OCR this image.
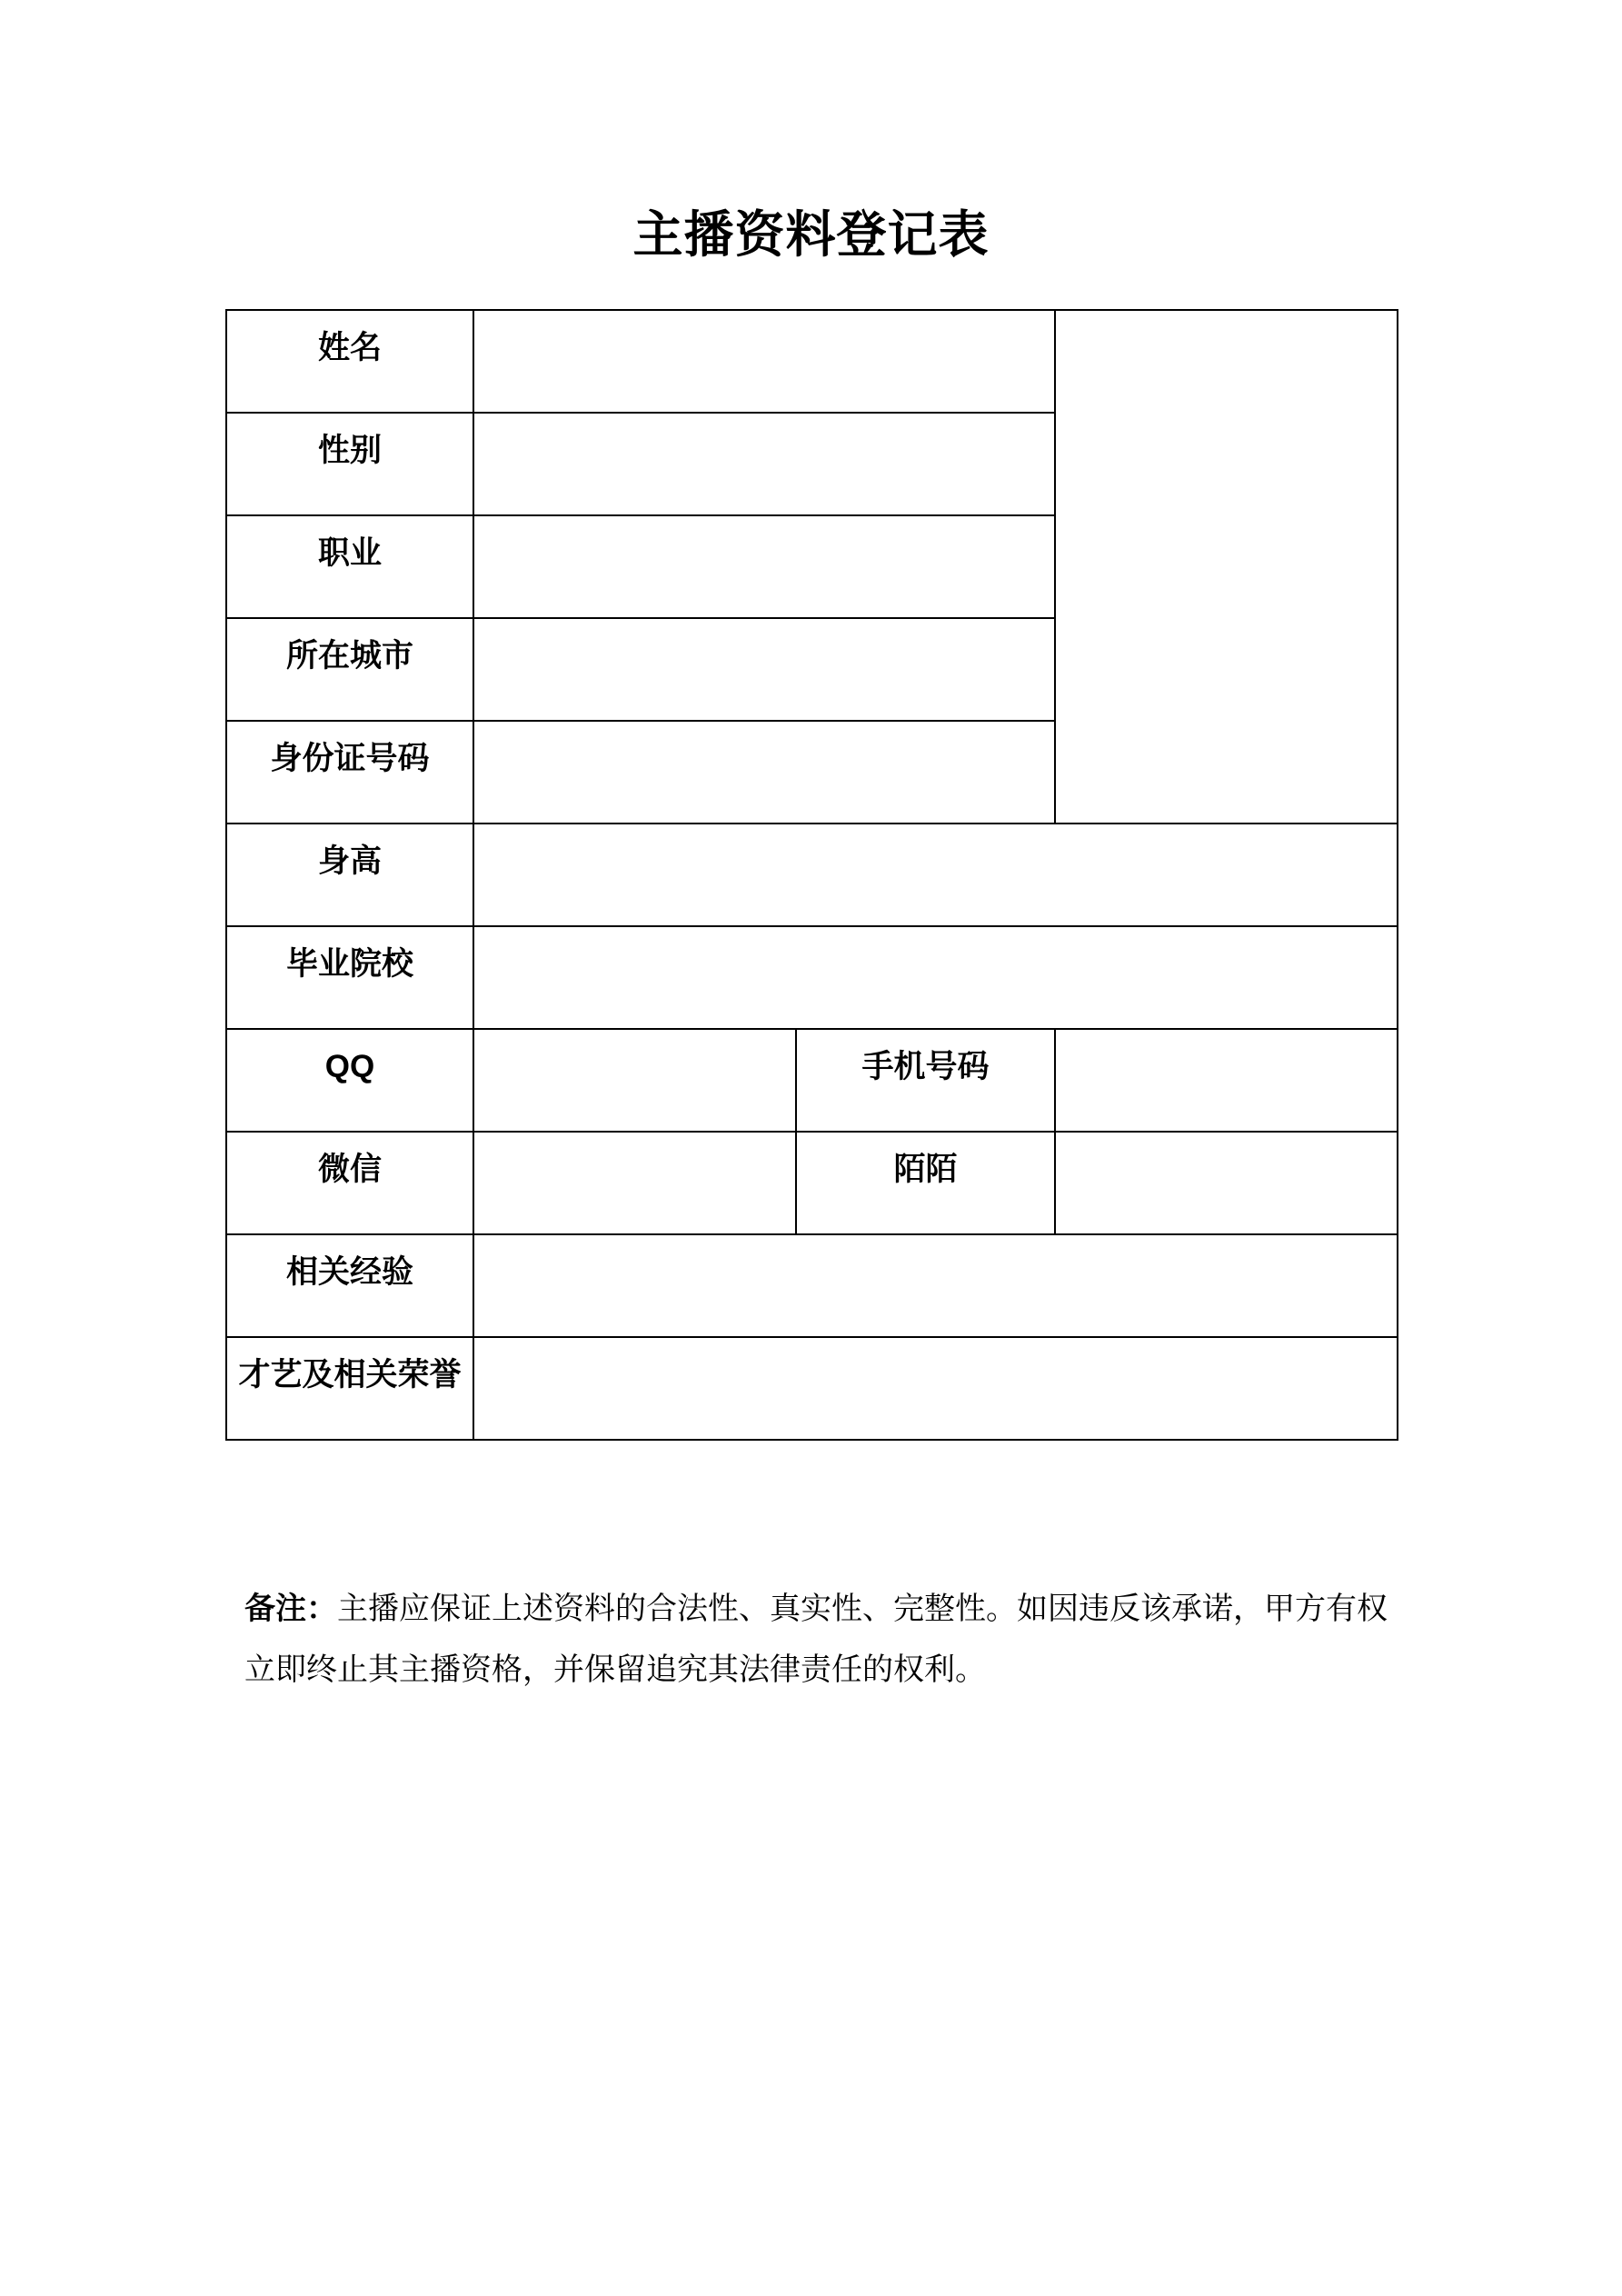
主播资料登记表
姓名			
性别			
职业			
所在城市			
身份证号码			
身高			
毕业院校			
QQ		手机号码	
微信		陌陌	
相关经验			
才艺及相关荣誉			

备注：主播应保证上述资料的合法性、真实性、完整性。如因违反该承诺，甲方有权
立即终止其主播资格，并保留追究其法律责任的权利。
